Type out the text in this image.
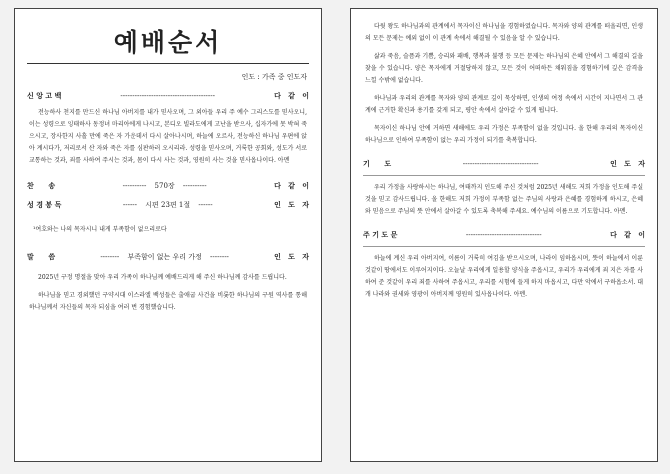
예배순서
인도 : 가족 중 인도자
신 앙 고 백	----------------------------------------	다   같   이
전능하사 천지를 만드신 하나님 아버지를 내가 믿사오며, 그 외아들 우리 주 예수 그리스도를 믿사오니, 이는 성령으로 잉태하사 동정녀 마리아에게 나시고, 본디오 빌라도에게 고난을 받으사, 십자가에 못 박혀 죽으시고, 장사한지 사흘 만에 죽은 자 가운데서 다시 살아나시며, 하늘에 오르사, 전능하신 하나님 우편에 앉아 계시다가, 저리로서 산 자와 죽은 자를 심판하러 오시리라. 성령을 믿사오며, 거룩한 공회와, 성도가 서로 교통하는 것과, 죄를 사하여 주시는 것과, 몸이 다시 사는 것과, 영원히 사는 것을 믿사옵나이다. 아멘
찬      송	---------- 570장 ----------	다   같   이
성 경 봉 독	------ 시편 23편 1절 ------	인   도   자
¹여호와는 나의 목자시니 내게 부족함이 없으리로다
말      씀	-------- 부족함이 없는 우리 가정 --------	인   도   자
2025년 구정 명절을 맞아 우리 가족이 하나님께 예배드리게 해 주신 하나님께 감사를 드립니다.
하나님을 믿고 경외했던 구약시대 이스라엘 백성들은 출애굽 사건을 비롯한 하나님의 구원 역사를 통해 하나님께서 자신들의 목자 되심을 여러 번 경험했습니다.
다윗 왕도 하나님과의 관계에서 목자이신 하나님을 경험하였습니다. 목자와 양의 관계를 떠올리면, 인생의 모든 문제는 예외 없이 이 관계 속에서 해결될 수 있음을 알 수 있습니다.
삶과 죽음, 슬픔과 기쁨, 승리와 패배, 행복과 불행 등 모든 문제는 하나님의 은혜 안에서 그 해결의 길을 찾을 수 있습니다. 양은 목자에게 거절당하지 않고, 모든 것이 어떠하든 채워짐을 경험하기에 깊은 감격을 느낄 수밖에 없습니다.
하나님과 우리의 관계를 목자와 양의 관계로 깊이 묵상하면, 인생의 여정 속에서 시간이 지나면서 그 관계에 근거한 확신과 용기를 갖게 되고, 평안 속에서 살아갈 수 있게 됩니다.
목자이신 하나님 안에 거하면 새해에도 우리 가정은 부족함이 없을 것입니다. 올 한해 우리의 목자이신 하나님으로 인하여 부족함이 없는 우리 가정이 되기를 축복합니다.
기      도	--------------------------------	인   도   자
우리 가정을 사랑하시는 하나님, 여태까지 인도해 주신 것처럼 2025년 새해도 저희 가정을 인도해 주실 것을 믿고 감사드립니다. 올 한해도 저희 가정이 부족함 없는 주님의 사랑과 은혜를 경험하게 하시고, 은혜와 믿음으로 주님의 뜻 안에서 살아갈 수 있도록 축복해 주세요. 예수님의 이름으로 기도합니다. 아멘.
주 기 도 문	--------------------------------	다   같   이
하늘에 계신 우리 아버지여, 이름이 거룩히 여김을 받으시오며, 나라이 임하옵시며, 뜻이 하늘에서 이룬 것같이 땅에서도 이루어지이다. 오늘날 우리에게 일용할 양식을 주옵시고, 우리가 우리에게 죄 지은 자를 사하여 준 것같이 우리 죄를 사하여 주옵시고, 우리를 시험에 들게 하지 마옵시고, 다만 악에서 구하옵소서. 대개 나라와 권세와 영광이 아버지께 영원히 있사옵나이다. 아멘.
